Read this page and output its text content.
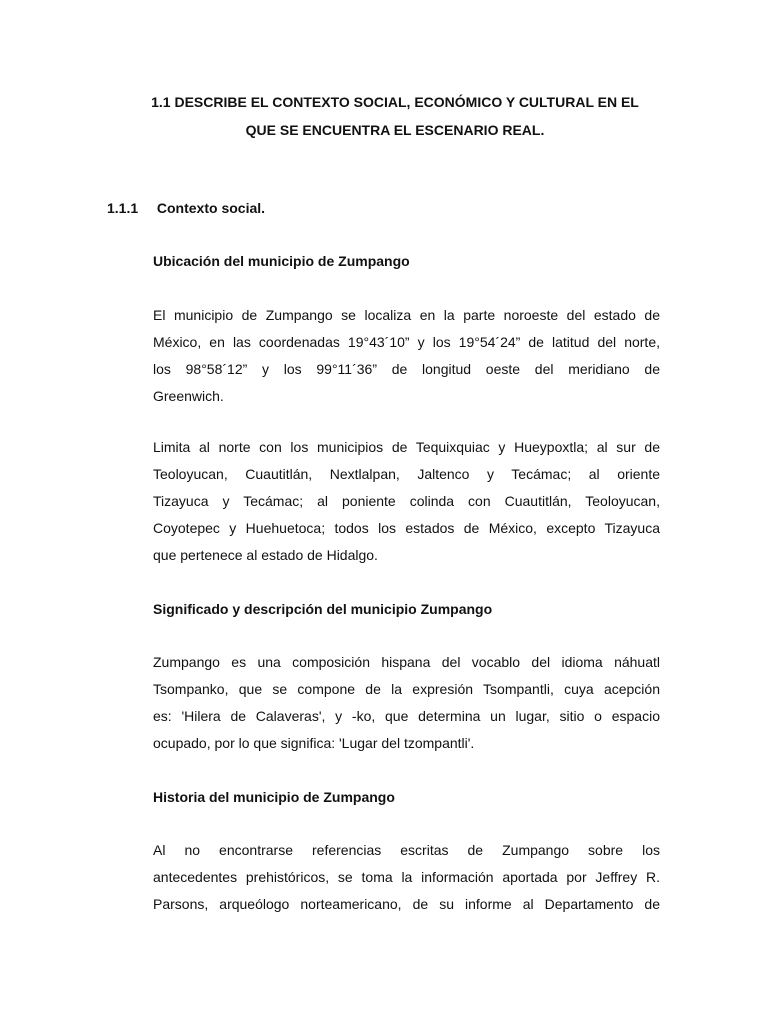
1.1 DESCRIBE EL CONTEXTO SOCIAL, ECONÓMICO Y CULTURAL EN EL
QUE SE ENCUENTRA EL ESCENARIO REAL.
1.1.1 Contexto social.
Ubicación del municipio de Zumpango
El municipio de Zumpango se localiza en la parte noroeste del estado de
México, en las coordenadas 19°43´10” y los 19°54´24” de latitud del norte,
los 98°58´12” y los 99°11´36” de longitud oeste del meridiano de
Greenwich.
Limita al norte con los municipios de Tequixquiac y Hueypoxtla; al sur de
Teoloyucan, Cuautitlán, Nextlalpan, Jaltenco y Tecámac; al oriente
Tizayuca y Tecámac; al poniente colinda con Cuautitlán, Teoloyucan,
Coyotepec y Huehuetoca; todos los estados de México, excepto Tizayuca
que pertenece al estado de Hidalgo.
Significado y descripción del municipio Zumpango
Zumpango es una composición hispana del vocablo del idioma náhuatl
Tsompanko, que se compone de la expresión Tsompantli, cuya acepción
es: 'Hilera de Calaveras', y -ko, que determina un lugar, sitio o espacio
ocupado, por lo que significa: 'Lugar del tzompantli'.
Historia del municipio de Zumpango
Al no encontrarse referencias escritas de Zumpango sobre los
antecedentes prehistóricos, se toma la información aportada por Jeffrey R.
Parsons, arqueólogo norteamericano, de su informe al Departamento de
